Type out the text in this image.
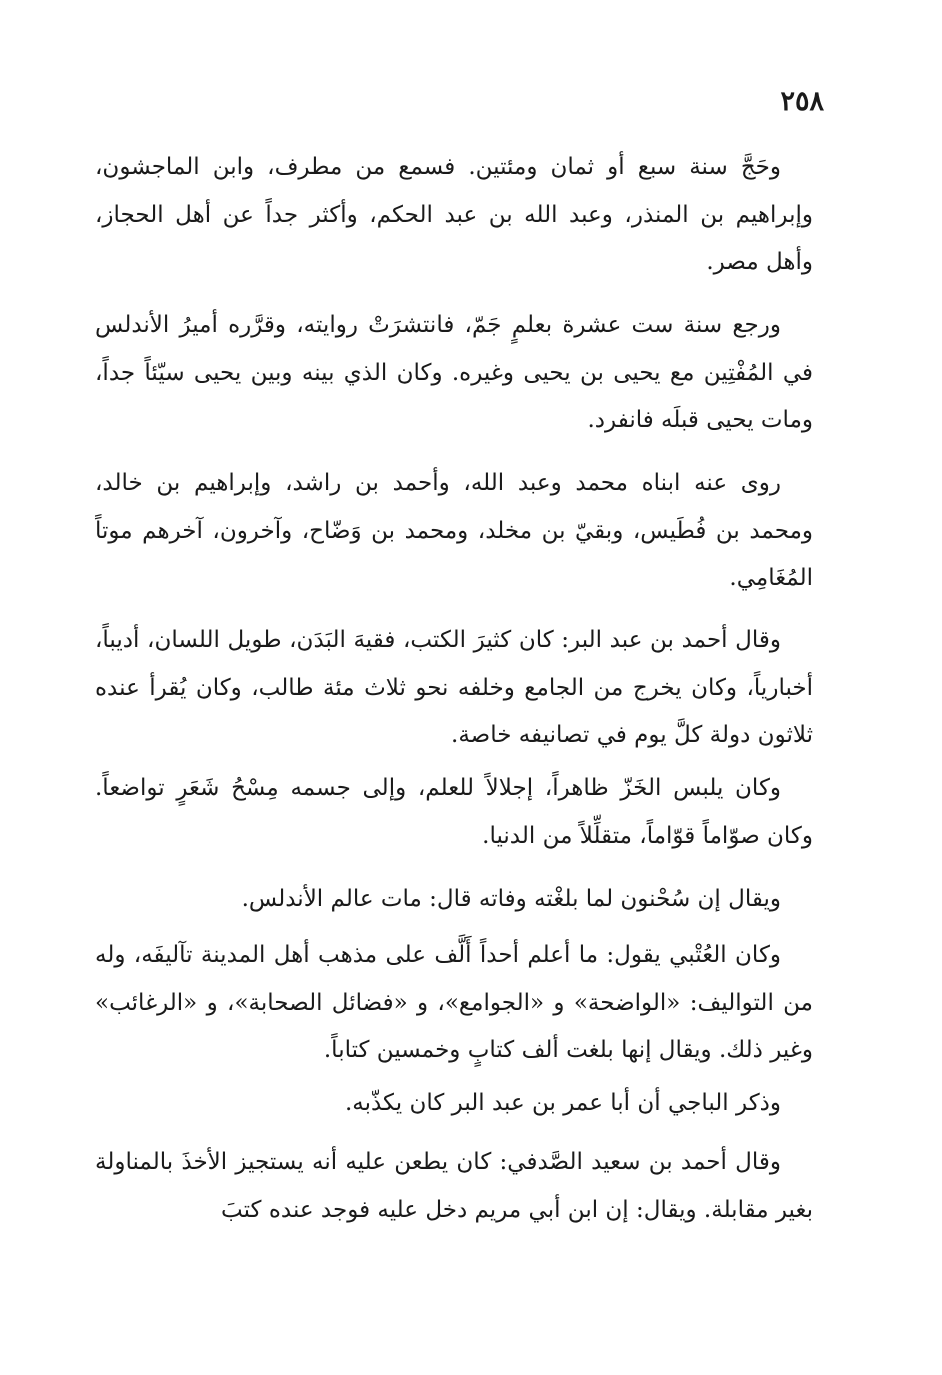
٢٥٨

وحَجَّ سنة سبع أو ثمان ومئتين. فسمع من مطرف، وابن الماجشون، وإبراهيم بن المنذر، وعبد الله بن عبد الحكم، وأكثر جداً عن أهل الحجاز، وأهل مصر.

ورجع سنة ست عشرة بعلمٍ جَمّ، فانتشرَتْ روايته، وقرَّره أميرُ الأندلس في المُفْتِين مع يحيى بن يحيى وغيره. وكان الذي بينه وبين يحيى سيّئاً جداً، ومات يحيى قبلَه فانفرد.

روى عنه ابناه محمد وعبد الله، وأحمد بن راشد، وإبراهيم بن خالد، ومحمد بن فُطَيس، وبقيّ بن مخلد، ومحمد بن وَضّاح، وآخرون، آخرهم موتاً المُغَامِي.

وقال أحمد بن عبد البر: كان كثيرَ الكتب، فقيهَ البَدَن، طويل اللسان، أديباً، أخبارياً، وكان يخرج من الجامع وخلفه نحو ثلاث مئة طالب، وكان يُقرأ عنده ثلاثون دولة كلَّ يوم في تصانيفه خاصة.

وكان يلبس الخَزّ ظاهراً، إجلالاً للعلم، وإلى جسمه مِسْحُ شَعَرٍ تواضعاً. وكان صوّاماً قوّاماً، متقلِّلاً من الدنيا.

ويقال إن سُحْنون لما بلغْته وفاته قال: مات عالم الأندلس.

وكان العُتْبي يقول: ما أعلم أحداً أَلَّف على مذهب أهل المدينة تآليفَه، وله من التواليف: «الواضحة» و «الجوامع»، و «فضائل الصحابة»، و «الرغائب» وغير ذلك. ويقال إنها بلغت ألف كتابٍ وخمسين كتاباً.

وذكر الباجي أن أبا عمر بن عبد البر كان يكذّبه.

وقال أحمد بن سعيد الصَّدفي: كان يطعن عليه أنه يستجيز الأخذَ بالمناولة بغير مقابلة. ويقال: إن ابن أبي مريم دخل عليه فوجد عنده كتبَ
